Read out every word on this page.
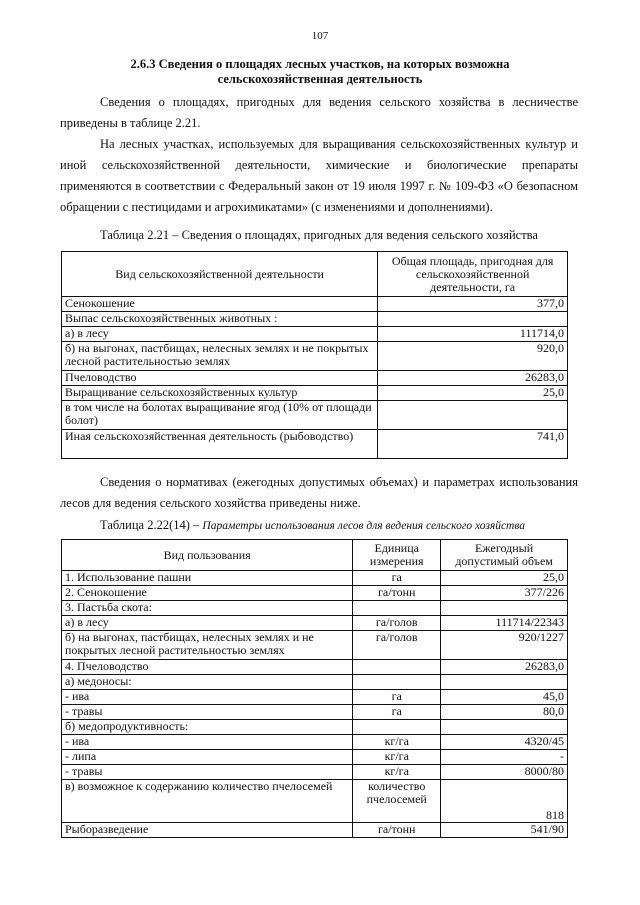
107
2.6.3 Сведения о площадях лесных участков, на которых возможна
сельскохозяйственная деятельность

Сведения о площадях, пригодных для ведения сельского хозяйства в лесничестве приведены в таблице 2.21.

На лесных участках, используемых для выращивания сельскохозяйственных культур и иной сельскохозяйственной деятельности, химические и биологические препараты применяются в соответствии с Федеральный закон от 19 июля 1997 г. № 109-ФЗ «О безопасном обращении с пестицидами и агрохимикатами» (с изменениями и дополнениями).

Таблица 2.21 – Сведения о площадях, пригодных для ведения сельского хозяйства
Вид сельскохозяйственной деятельности	Общая площадь, пригодная для сельскохозяйственной деятельности, га
Сенокошение	377,0
Выпас сельскохозяйственных животных :	
а) в лесу	111714,0
б) на выгонах, пастбищах, нелесных землях и не покрытых лесной растительностью землях	920,0
Пчеловодство	26283,0
Выращивание сельскохозяйственных культур	25,0
в том числе на болотах выращивание ягод (10% от площади болот)	
Иная сельскохозяйственная деятельность (рыбоводство)	741,0

Сведения о нормативах (ежегодных допустимых объемах) и параметрах использования лесов для ведения сельского хозяйства приведены ниже.

Таблица 2.22(14) – Параметры использования лесов для ведения сельского хозяйства
Вид пользования	Единица измерения	Ежегодный допустимый объем
1. Использование пашни	га	25,0
2. Сенокошение	га/тонн	377/226
3. Пастьба скота:		
а) в лесу	га/голов	111714/22343
б) на выгонах, пастбищах, нелесных землях и не покрытых лесной растительностью землях	га/голов	920/1227
4. Пчеловодство		26283,0
а) медоносы:		
- ива	га	45,0
- травы	га	80,0
б) медопродуктивность:		
- ива	кг/га	4320/45
- липа	кг/га	-
- травы	кг/га	8000/80
в) возможное к содержанию количество пчелосемей	количество пчелосемей	818
Рыборазведение	га/тонн	541/90
